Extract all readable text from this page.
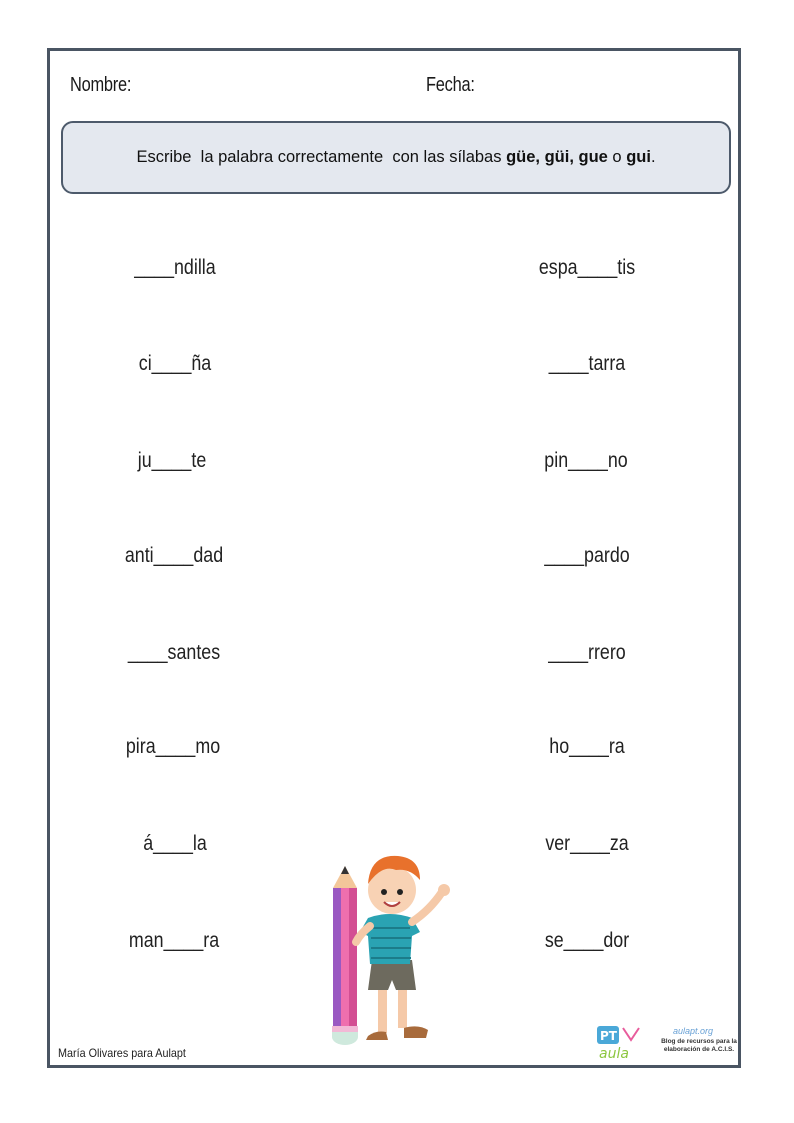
Nombre:	Fecha:
Escribe  la palabra correctamente  con las sílabas güe, güi, gue o gui.
____ndilla
ci____ña
ju____te
anti____dad
____santes
pira____mo
á____la
man____ra
espa____tis
____tarra
pin____no
____pardo
____rrero
ho____ra
ver____za
se____dor
María Olivares para Aulapt
PT
aula
aulapt.org
Blog de recursos para la elaboración de A.C.I.S.
